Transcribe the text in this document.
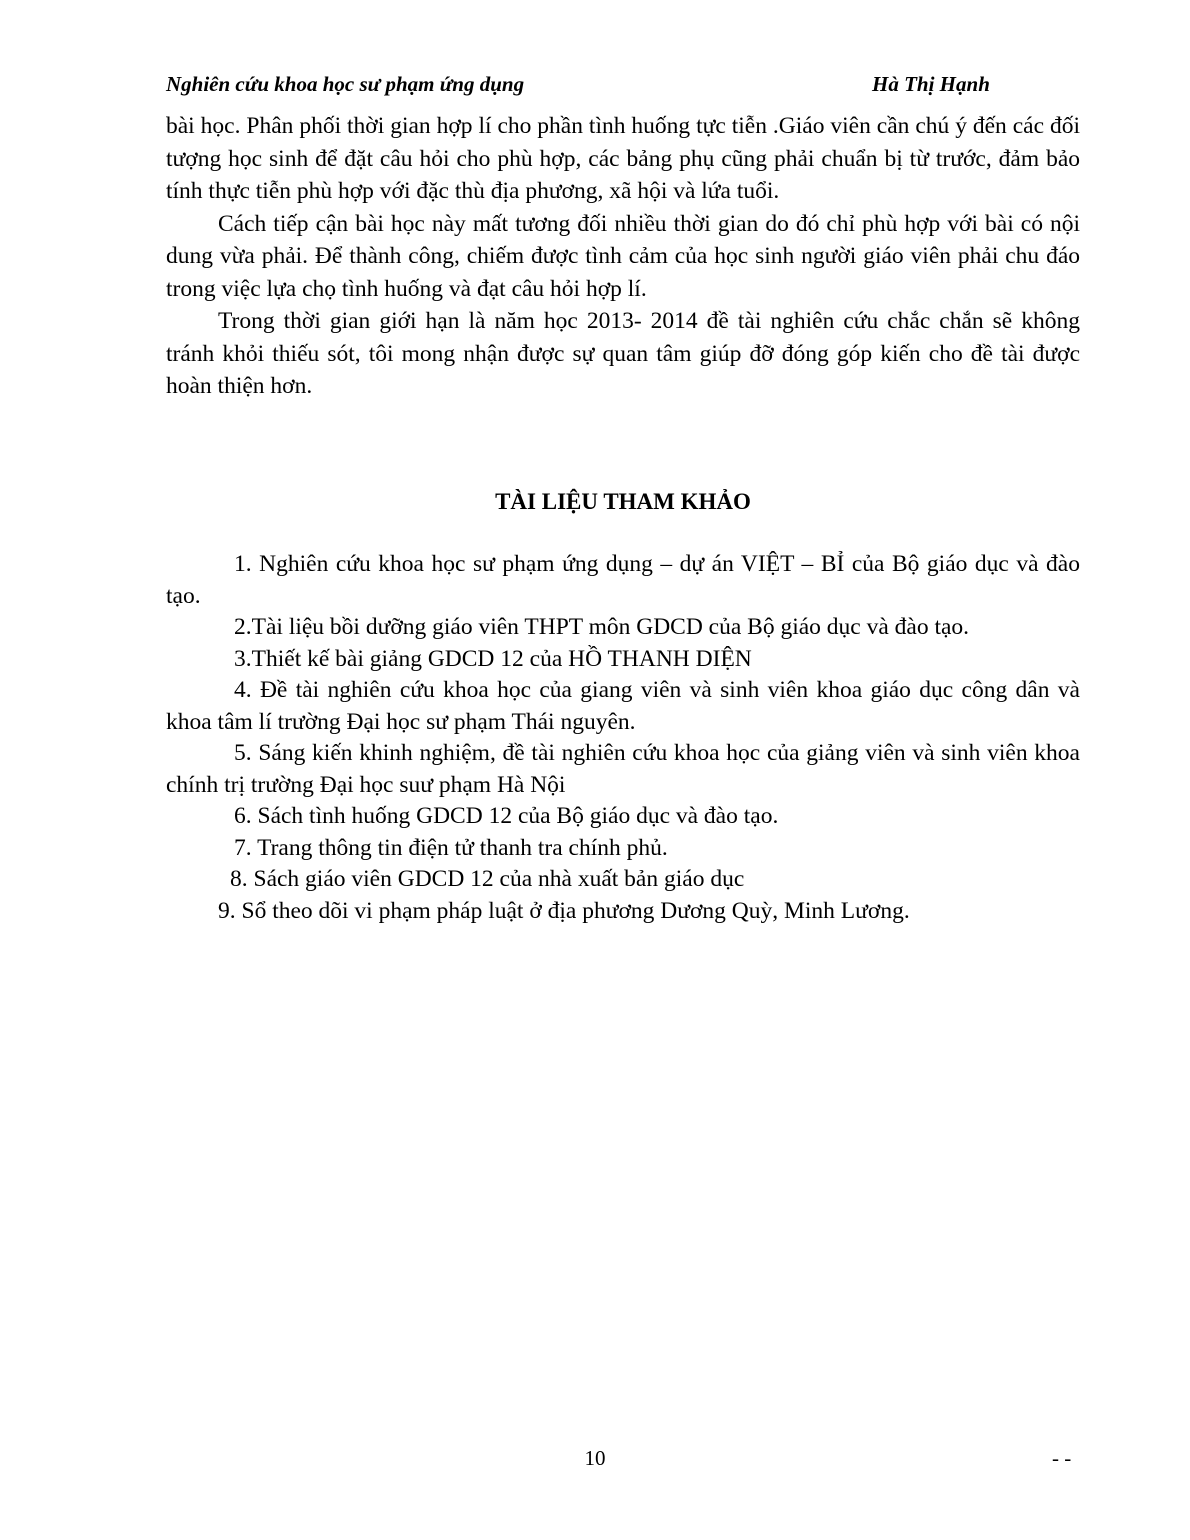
Nghiên cứu khoa học sư phạm ứng dụng	Hà Thị Hạnh

bài học. Phân phối thời gian hợp lí cho phần tình huống tực tiễn .Giáo viên cần chú ý đến các đối tượng học sinh để đặt câu hỏi cho phù hợp, các bảng phụ cũng phải chuẩn bị từ trước, đảm bảo tính thực tiễn phù hợp với đặc thù địa phương, xã hội và lứa tuổi.

Cách tiếp cận bài học này mất tương đối nhiều thời gian do đó chỉ phù hợp với bài có nội dung vừa phải. Để thành công, chiếm được tình cảm của học sinh người giáo viên phải chu đáo trong việc lựa chọ tình huống và đạt câu hỏi hợp lí.

Trong thời gian giới hạn là năm học 2013- 2014 đề tài nghiên cứu chắc chắn sẽ không tránh khỏi thiếu sót, tôi mong nhận được sự quan tâm giúp đỡ đóng góp kiến cho đề tài được hoàn thiện hơn.

TÀI LIỆU THAM KHẢO

1. Nghiên cứu khoa học sư phạm ứng dụng – dự án VIỆT – BỈ của Bộ giáo dục và đào tạo.

2.Tài liệu bồi dưỡng giáo viên THPT môn GDCD của Bộ giáo dục và đào tạo.

3.Thiết kế bài giảng GDCD 12 của HỒ THANH DIỆN

4. Đề tài nghiên cứu khoa học của giang viên và sinh viên khoa giáo dục công dân và khoa tâm lí trường Đại học sư phạm Thái nguyên.

5. Sáng kiến khinh nghiệm, đề tài nghiên cứu khoa học của giảng viên và sinh viên khoa chính trị trường Đại học suư phạm Hà Nội

6. Sách tình huống GDCD 12 của Bộ giáo dục và đào tạo.

7. Trang thông tin điện tử thanh tra chính phủ.

8. Sách giáo viên GDCD 12 của nhà xuất bản giáo dục

9. Sổ theo dõi vi phạm pháp luật ở địa phương Dương Quỳ, Minh Lương.

10	- -
